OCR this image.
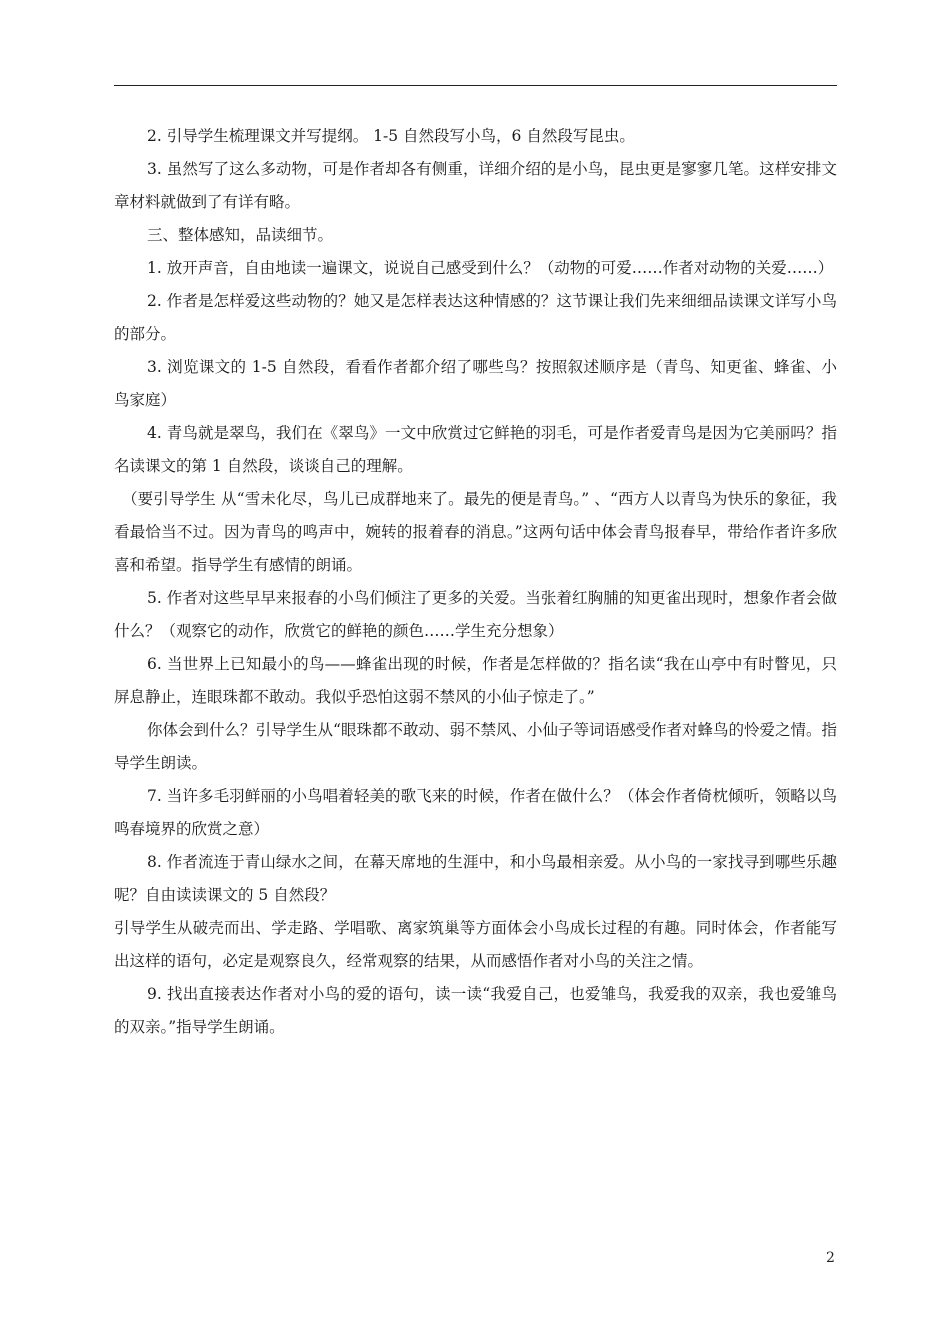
2. 引导学生梳理课文并写提纲。 1-5 自然段写小鸟，6 自然段写昆虫。

3. 虽然写了这么多动物，可是作者却各有侧重，详细介绍的是小鸟，昆虫更是寥寥几笔。这样安排文章材料就做到了有详有略。

三、整体感知，品读细节。

1. 放开声音，自由地读一遍课文，说说自己感受到什么？（动物的可爱……作者对动物的关爱……）

2. 作者是怎样爱这些动物的？她又是怎样表达这种情感的？这节课让我们先来细细品读课文详写小鸟的部分。

3. 浏览课文的 1-5 自然段，看看作者都介绍了哪些鸟？按照叙述顺序是（青鸟、知更雀、蜂雀、小鸟家庭）

4. 青鸟就是翠鸟，我们在《翠鸟》一文中欣赏过它鲜艳的羽毛，可是作者爱青鸟是因为它美丽吗？指名读课文的第 1 自然段，谈谈自己的理解。

（要引导学生 从“雪未化尽，鸟儿已成群地来了。最先的便是青鸟。” 、“西方人以青鸟为快乐的象征，我看最恰当不过。因为青鸟的鸣声中，婉转的报着春的消息。”这两句话中体会青鸟报春早，带给作者许多欣喜和希望。指导学生有感情的朗诵。

5. 作者对这些早早来报春的小鸟们倾注了更多的关爱。当张着红胸脯的知更雀出现时，想象作者会做什么？（观察它的动作，欣赏它的鲜艳的颜色……学生充分想象）

6. 当世界上已知最小的鸟——蜂雀出现的时候，作者是怎样做的？指名读“我在山亭中有时瞥见，只屏息静止，连眼珠都不敢动。我似乎恐怕这弱不禁风的小仙子惊走了。”

你体会到什么？引导学生从“眼珠都不敢动、弱不禁风、小仙子等词语感受作者对蜂鸟的怜爱之情。指导学生朗读。

7. 当许多毛羽鲜丽的小鸟唱着轻美的歌飞来的时候，作者在做什么？（体会作者倚枕倾听，领略以鸟鸣春境界的欣赏之意）

8. 作者流连于青山绿水之间，在幕天席地的生涯中，和小鸟最相亲爱。从小鸟的一家找寻到哪些乐趣呢？自由读读课文的 5 自然段？

引导学生从破壳而出、学走路、学唱歌、离家筑巢等方面体会小鸟成长过程的有趣。同时体会，作者能写出这样的语句，必定是观察良久，经常观察的结果，从而感悟作者对小鸟的关注之情。

9. 找出直接表达作者对小鸟的爱的语句，读一读“我爱自己，也爱雏鸟，我爱我的双亲，我也爱雏鸟的双亲。”指导学生朗诵。

2
